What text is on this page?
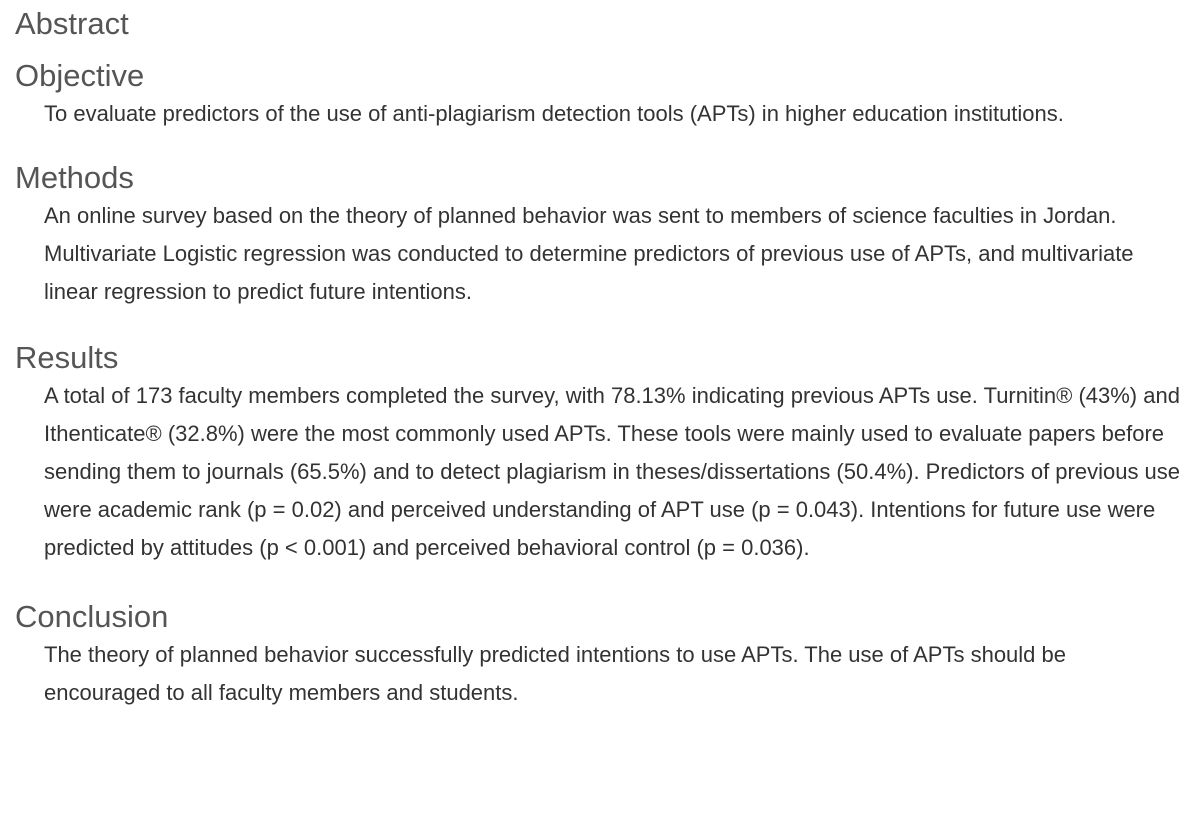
Abstract
Objective

To evaluate predictors of the use of anti-plagiarism detection tools (APTs) in higher education institutions.

Methods

An online survey based on the theory of planned behavior was sent to members of science faculties in Jordan. Multivariate Logistic regression was conducted to determine predictors of previous use of APTs, and multivariate linear regression to predict future intentions.

Results

A total of 173 faculty members completed the survey, with 78.13% indicating previous APTs use. Turnitin® (43%) and Ithenticate® (32.8%) were the most commonly used APTs. These tools were mainly used to evaluate papers before sending them to journals (65.5%) and to detect plagiarism in theses/dissertations (50.4%). Predictors of previous use were academic rank (p = 0.02) and perceived understanding of APT use (p = 0.043). Intentions for future use were predicted by attitudes (p < 0.001) and perceived behavioral control (p = 0.036).

Conclusion

The theory of planned behavior successfully predicted intentions to use APTs. The use of APTs should be encouraged to all faculty members and students.
